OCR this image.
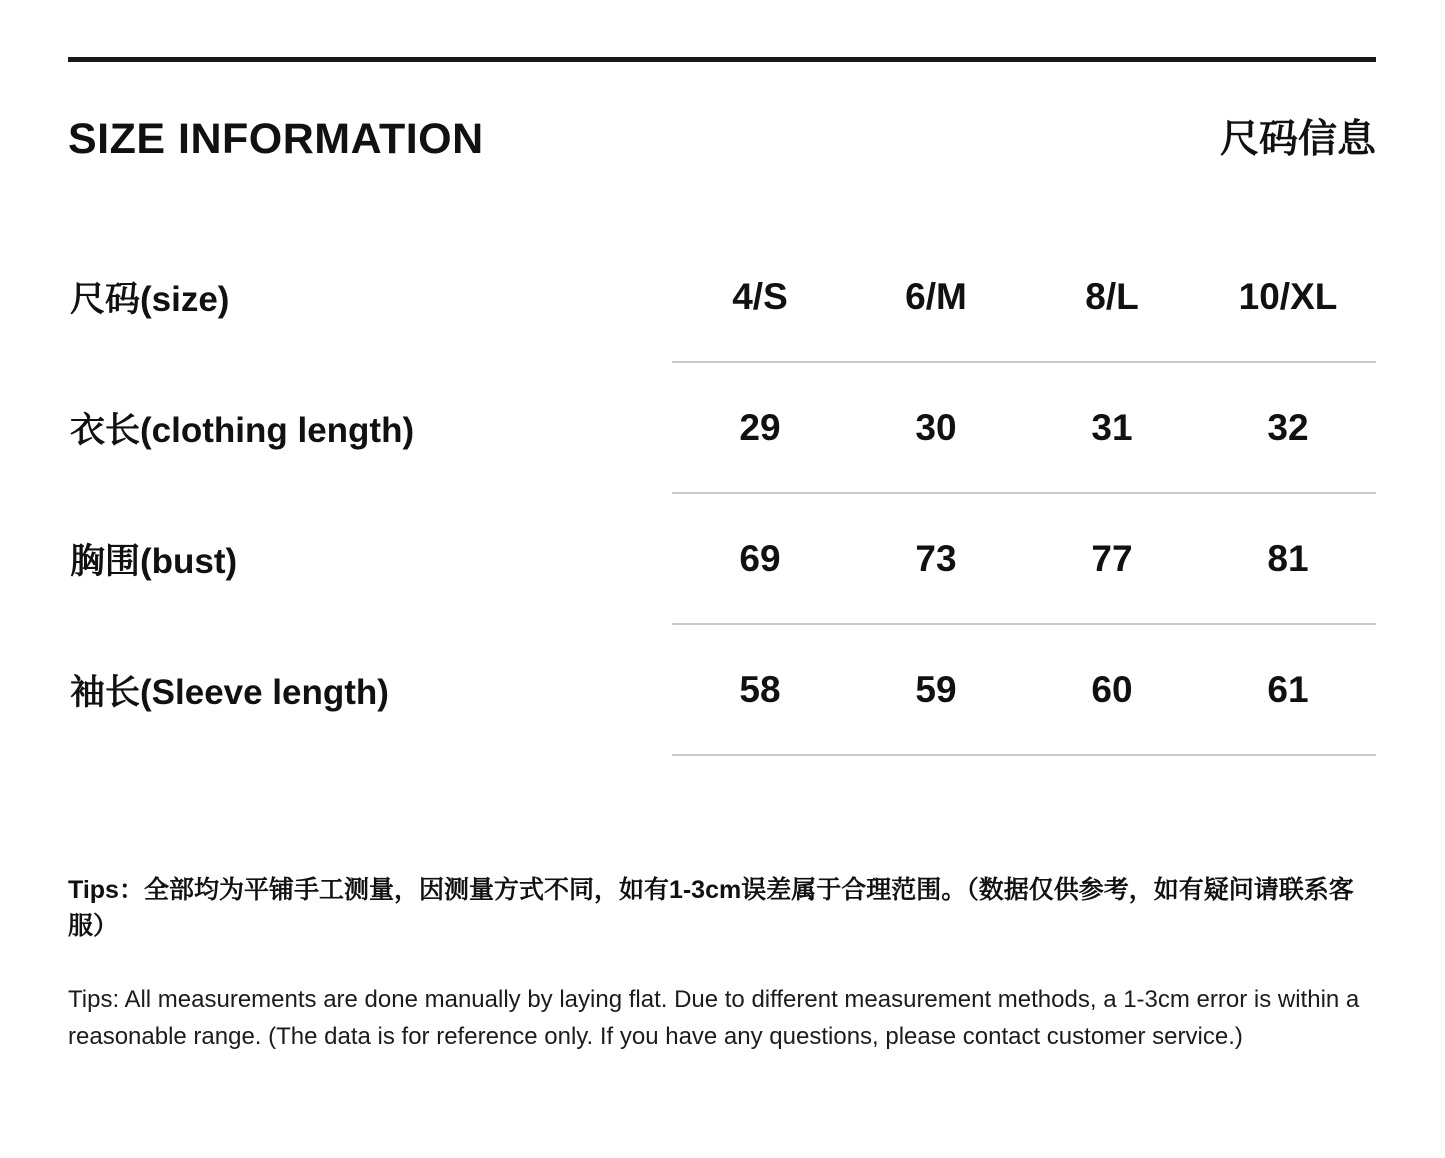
SIZE INFORMATION	尺码信息
尺码(size)	4/S	6/M	8/L	10/XL
衣长(clothing length)	29	30	31	32
胸围(bust)	69	73	77	81
袖长(Sleeve length)	58	59	60	61
Tips：全部均为平铺手工测量，因测量方式不同，如有1-3cm误差属于合理范围。（数据仅供参考，如有疑问请联系客服）
Tips: All measurements are done manually by laying flat. Due to different measurement methods, a 1-3cm error is within a reasonable range. (The data is for reference only. If you have any questions, please contact customer service.)
